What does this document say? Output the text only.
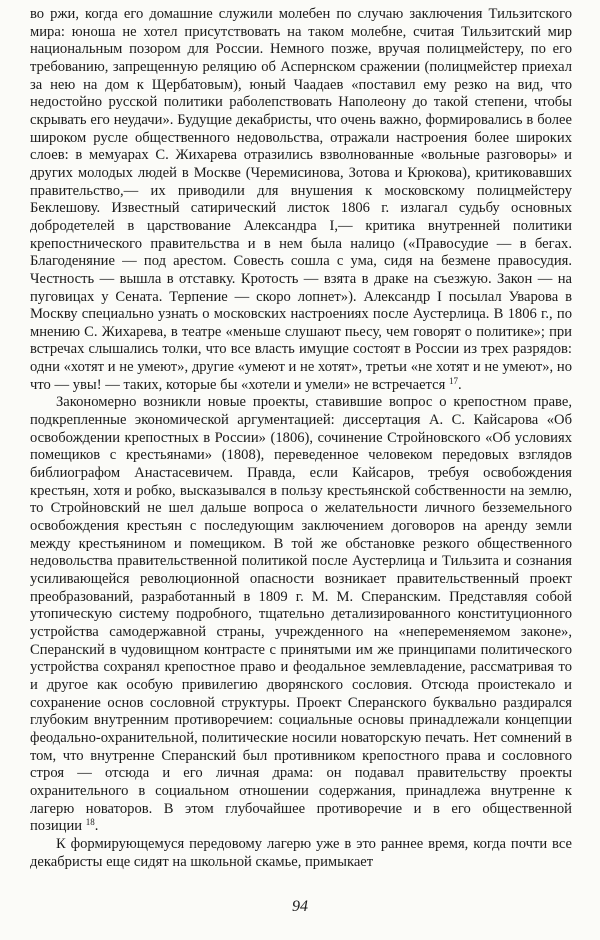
во ржи, когда его домашние служили молебен по случаю заключения Тильзитского мира: юноша не хотел присутствовать на таком молебне, считая Тильзитский мир национальным позором для России. Немного позже, вручая полицмейстеру, по его требованию, запрещенную реляцию об Аспернском сражении (полицмейстер приехал за нею на дом к Щербатовым), юный Чаадаев «поставил ему резко на вид, что недостойно русской политики раболепствовать Наполеону до такой степени, чтобы скрывать его неудачи». Будущие декабристы, что очень важно, формировались в более широком русле общественного недовольства, отражали настроения более широких слоев: в мемуарах С. Жихарева отразились взволнованные «вольные разговоры» и других молодых людей в Москве (Черемисинова, Зотова и Крюкова), критиковавших правительство,— их приводили для внушения к московскому полицмейстеру Беклешову. Известный сатирический листок 1806 г. излагал судьбу основных добродетелей в царствование Александра I,— критика внутренней политики крепостнического правительства и в нем была налицо («Правосудие — в бегах. Благоденяние — под арестом. Совесть сошла с ума, сидя на безмене правосудия. Честность — вышла в отставку. Кротость — взята в драке на съезжую. Закон — на пуговицах у Сената. Терпение — скоро лопнет»). Александр I посылал Уварова в Москву специально узнать о московских настроениях после Аустерлица. В 1806 г., по мнению С. Жихарева, в театре «меньше слушают пьесу, чем говорят о политике»; при встречах слышались толки, что все власть имущие состоят в России из трех разрядов: одни «хотят и не умеют», другие «умеют и не хотят», третьи «не хотят и не умеют», но что — увы! — таких, которые бы «хотели и умели» не встречается $^{17}$.

Закономерно возникли новые проекты, ставившие вопрос о крепостном праве, подкрепленные экономической аргументацией: диссертация А. С. Кайсарова «Об освобождении крепостных в России» (1806), сочинение Стройновского «Об условиях помещиков с крестьянами» (1808), переведенное человеком передовых взглядов библиографом Анастасевичем. Правда, если Кайсаров, требуя освобождения крестьян, хотя и робко, высказывался в пользу крестьянской собственности на землю, то Стройновский не шел дальше вопроса о желательности личного безземельного освобождения крестьян с последующим заключением договоров на аренду земли между крестьянином и помещиком. В той же обстановке резкого общественного недовольства правительственной политикой после Аустерлица и Тильзита и сознания усиливающейся революционной опасности возникает правительственный проект преобразований, разработанный в 1809 г. М. М. Сперанским. Представляя собой утопическую систему подробного, тщательно детализированного конституционного устройства самодержавной страны, учрежденного на «непеременяемом законе», Сперанский в чудовищном контрасте с принятыми им же принципами политического устройства сохранял крепостное право и феодальное землевладение, рассматривая то и другое как особую привилегию дворянского сословия. Отсюда проистекало и сохранение основ сословной структуры. Проект Сперанского буквально раздирался глубоким внутренним противоречием: социальные основы принадлежали концепции феодально-охранительной, политические носили новаторскую печать. Нет сомнений в том, что внутренне Сперанский был противником крепостного права и сословного строя — отсюда и его личная драма: он подавал правительству проекты охранительного в социальном отношении содержания, принадлежа внутренне к лагерю новаторов. В этом глубочайшее противоречие и в его общественной позиции $^{18}$.

К формирующемуся передовому лагерю уже в это раннее время, когда почти все декабристы еще сидят на школьной скамье, примыкает

94
